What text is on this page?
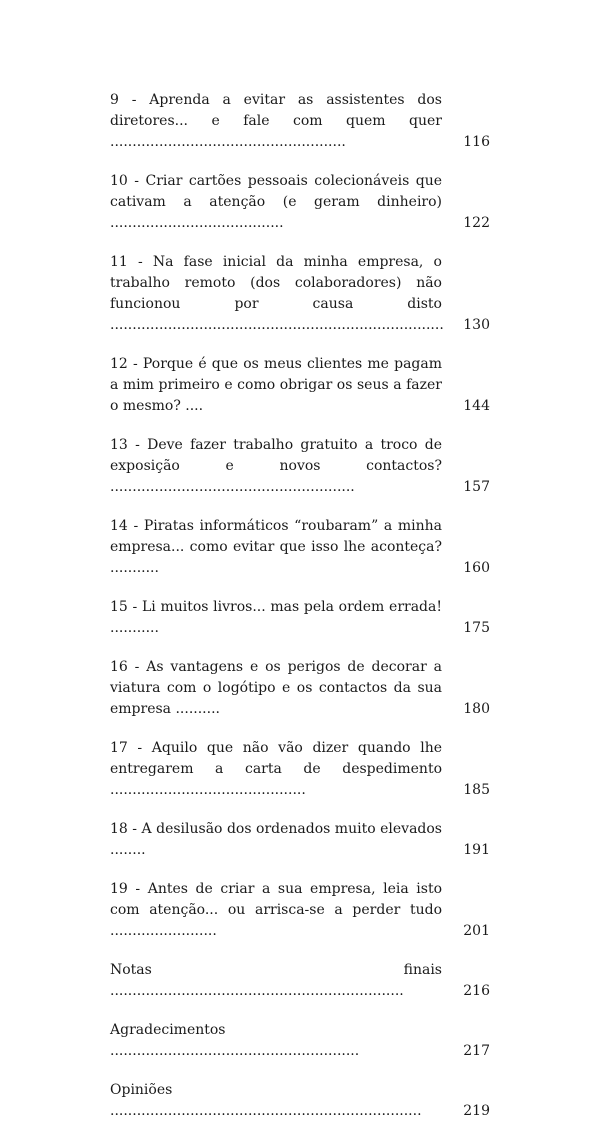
9 - Aprenda a evitar as assistentes dos diretores... e fale com quem quer .....................................................	116
10 - Criar cartões pessoais colecionáveis que cativam a atenção (e geram dinheiro) .......................................	122
11 - Na fase inicial da minha empresa, o trabalho remoto (dos colaboradores) não funcionou por causa disto ...........................................................................	130
12 - Porque é que os meus clientes me pagam a mim primeiro e como obrigar os seus a fazer o mesmo? ....	144
13 - Deve fazer trabalho gratuito a troco de exposição e novos contactos? .......................................................	157
14 - Piratas informáticos “roubaram” a minha empresa... como evitar que isso lhe aconteça? ...........	160
15 - Li muitos livros... mas pela ordem errada! ...........	175
16 - As vantagens e os perigos de decorar a viatura com o logótipo e os contactos da sua empresa ..........	180
17 - Aquilo que não vão dizer quando lhe entregarem a carta de despedimento ............................................	185
18 - A desilusão dos ordenados muito elevados ........	191
19 - Antes de criar a sua empresa, leia isto com atenção... ou arrisca-se a perder tudo ........................	201
Notas finais ..................................................................	216
Agradecimentos ........................................................	217
Opiniões ......................................................................	219
